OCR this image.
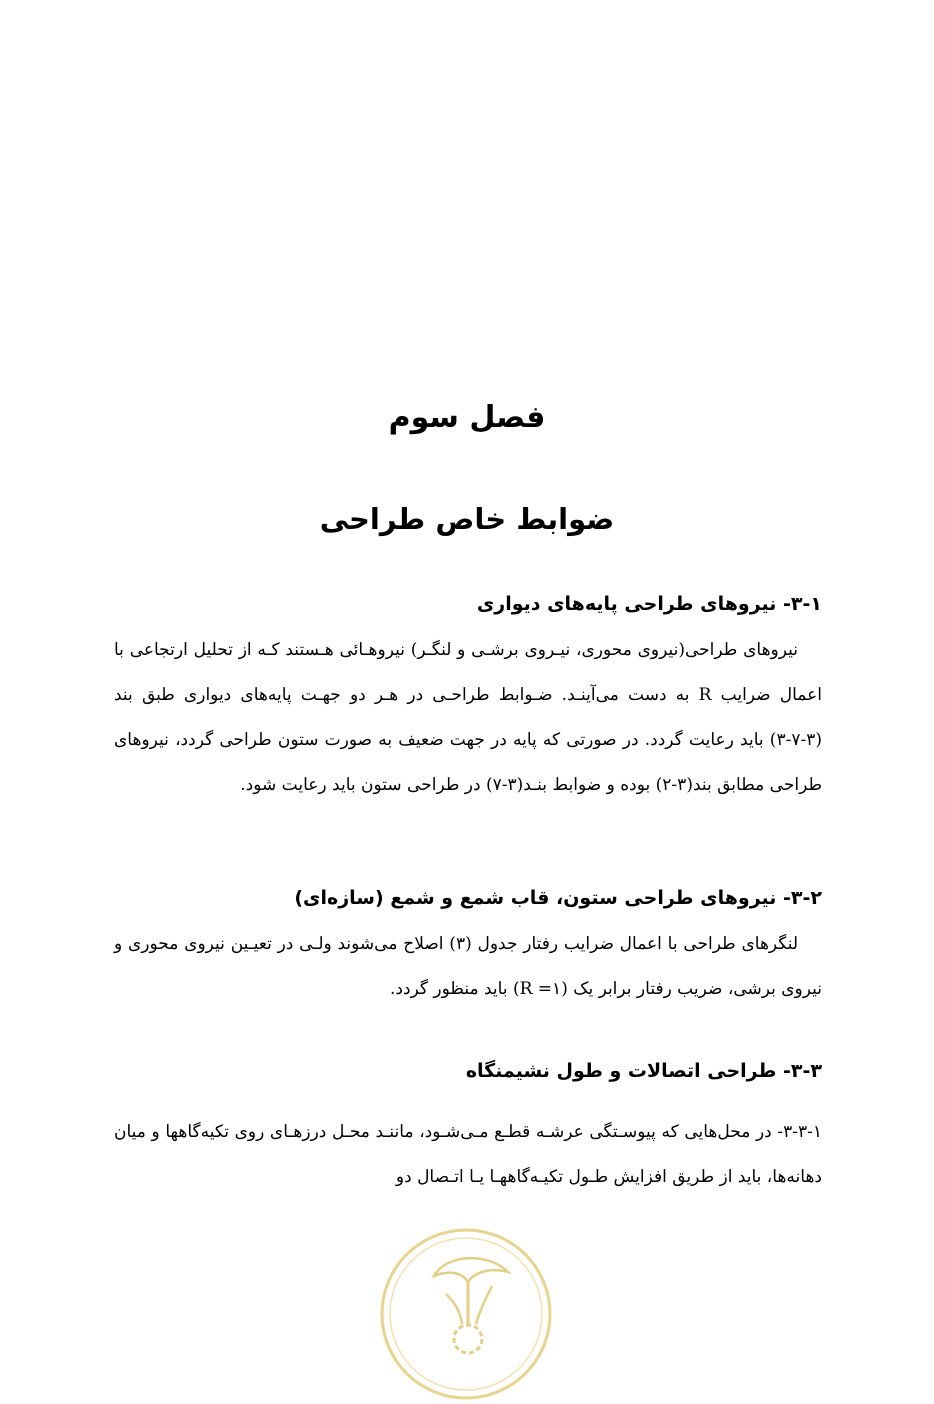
فصل سوم
ضوابط خاص طراحی
۳-۱- نیروهای طراحی پایه‌های دیواری
نیروهای طراحی(نیروی محوری، نیـروی برشـی و لنگـر) نیروهـائی هـستند کـه از تحلیل ارتجاعی با اعمال ضرایب R به دست می‌آینـد. ضـوابط طراحـی در هـر دو جهـت پایه‌های دیواری طبق بند (۳-۷-۳) باید رعایت گردد. در صورتی که پایه در جهت ضعیف به صورت ستون طراحی گردد، نیروهای طراحی مطابق بند(۳-۲) بوده و ضوابط بنـد(۳-۷) در طراحی ستون باید رعایت شود.
۳-۲- نیروهای طراحی ستون، قاب شمع و شمع (سازه‌ای)
لنگرهای طراحی با اعمال ضرایب رفتار جدول (۳) اصلاح می‌شوند ولـی در تعیـین نیروی محوری و نیروی برشی، ضریب رفتار برابر یک (R =۱) باید منظور گردد.
۳-۳- طراحی اتصالات و طول نشیمنگاه
۳-۳-۱- در محل‌هایی که پیوسـتگی عرشـه قطـع مـی‌شـود، ماننـد محـل درزهـای روی تکیه‌گاهها و میان دهانه‌ها، باید از طریق افزایش طـول تکیـه‌گاههـا یـا اتـصال دو
